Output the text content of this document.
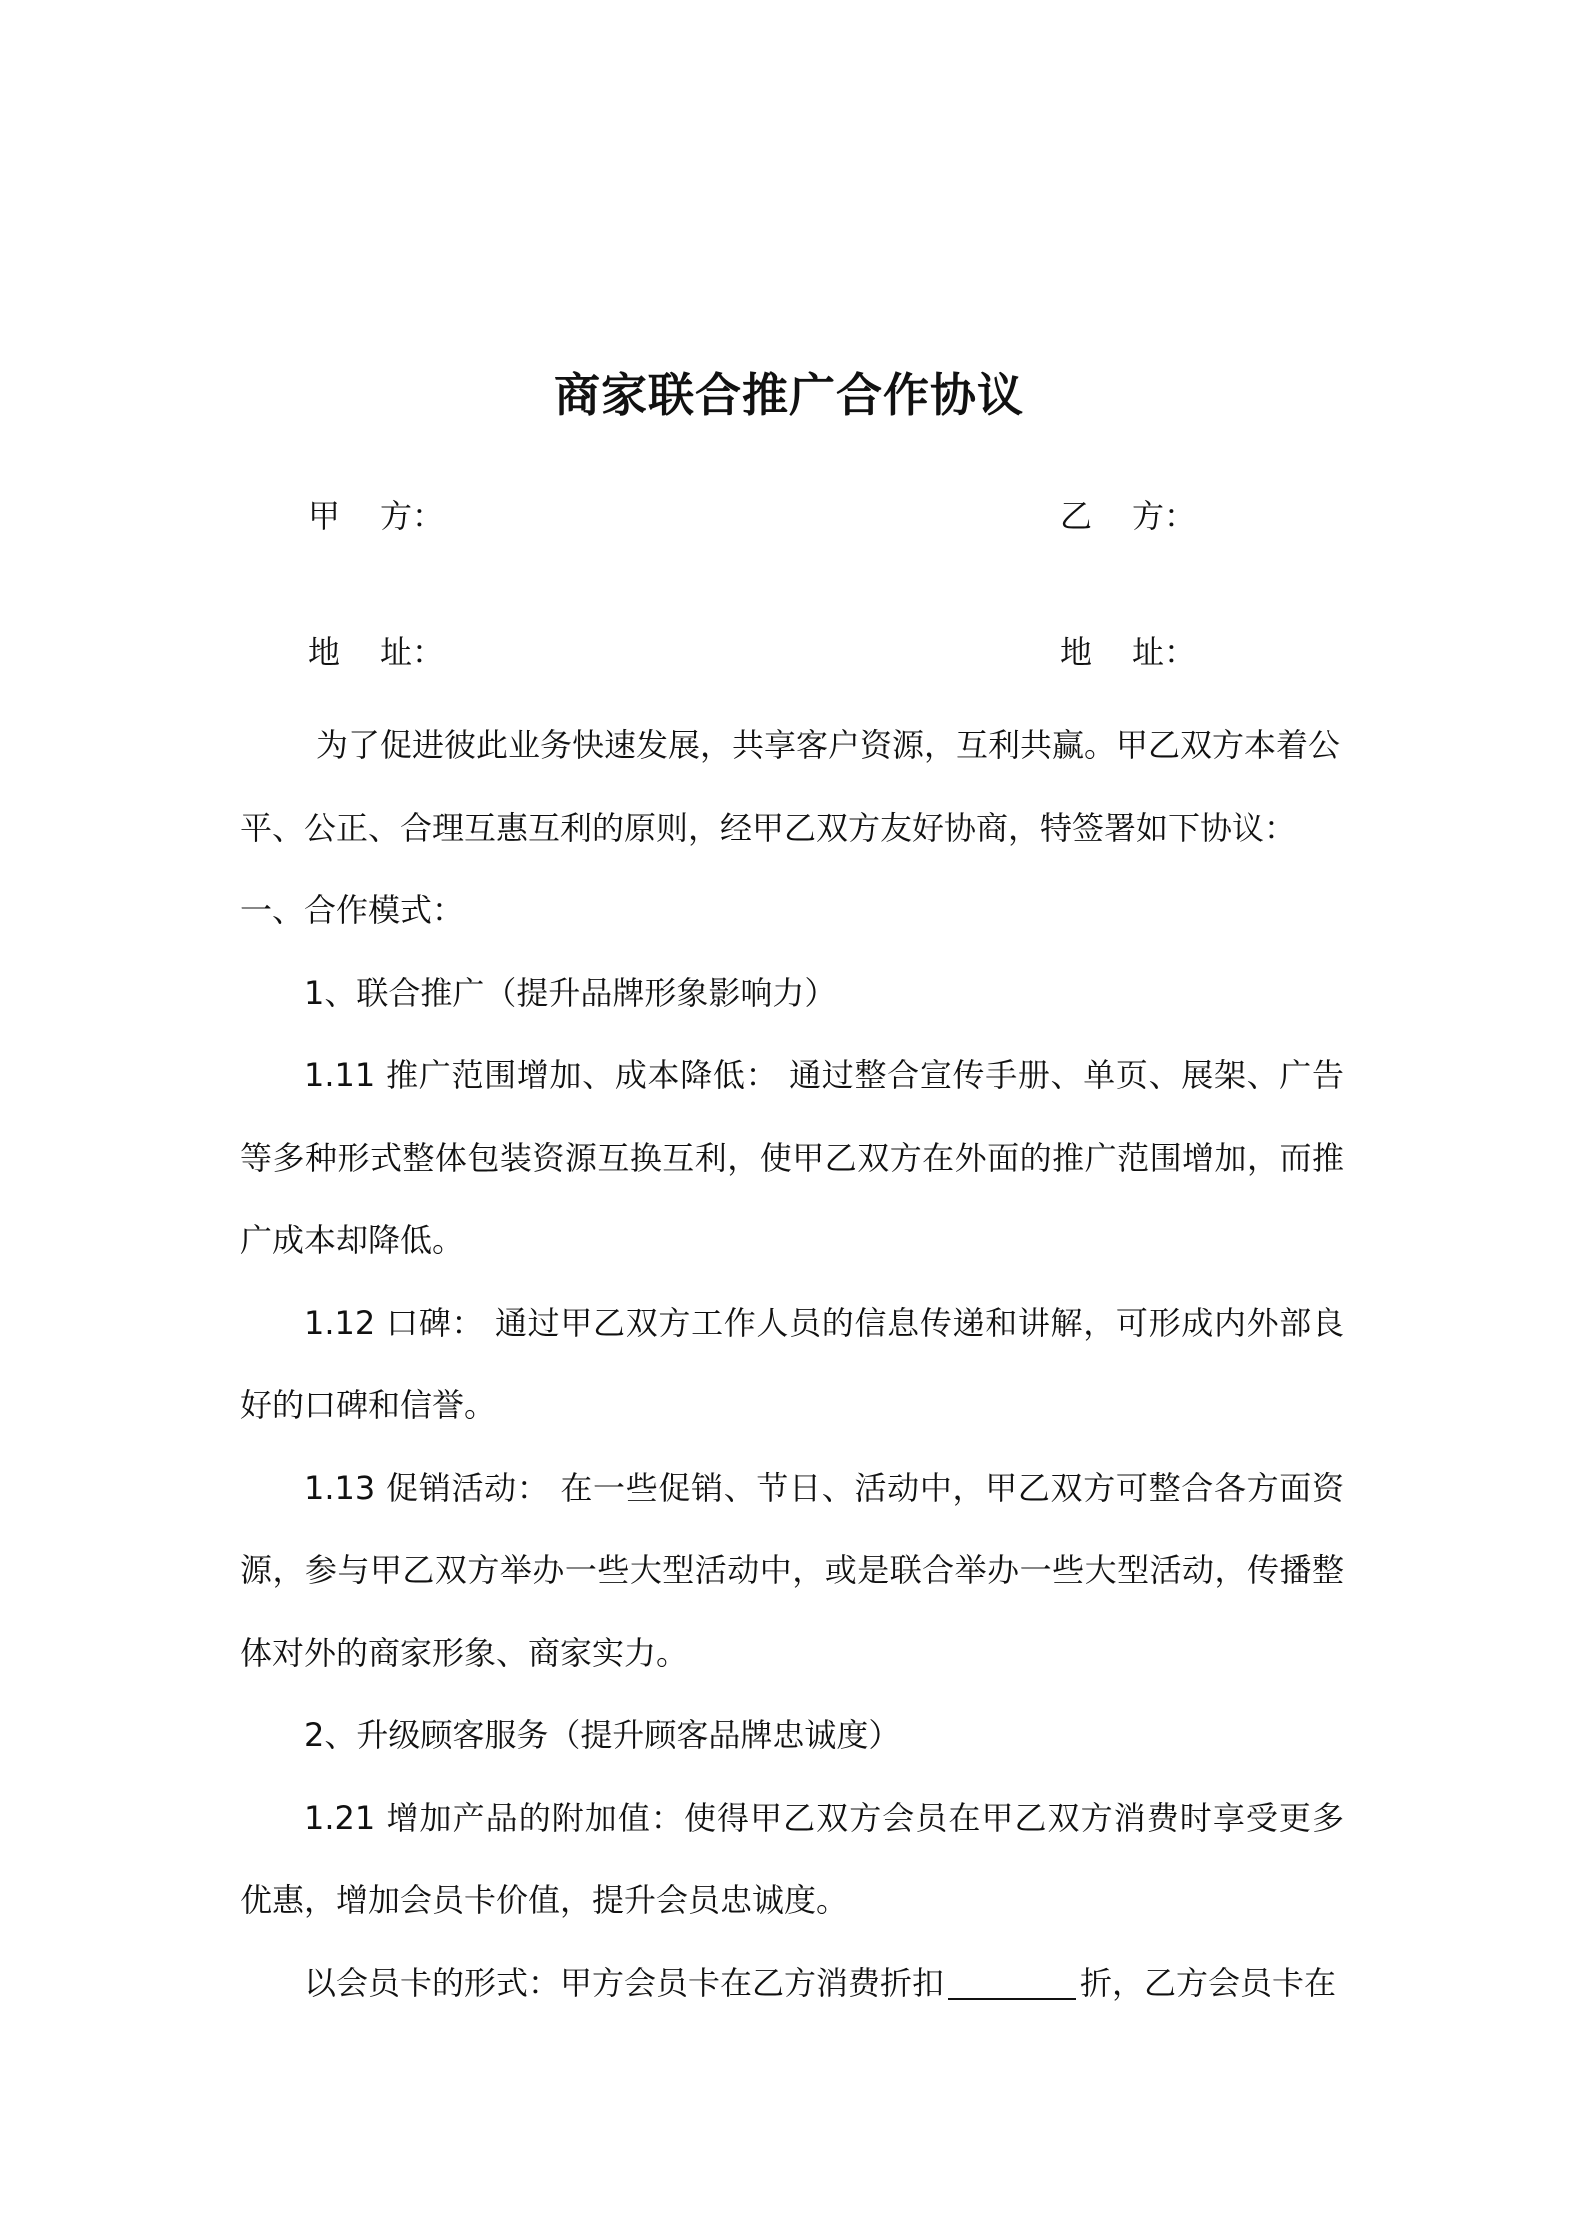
商家联合推广合作协议
甲方：	乙方：
地址：	地址：

为了促进彼此业务快速发展，共享客户资源，互利共赢。甲乙双方本着公

平、公正、合理互惠互利的原则，经甲乙双方友好协商，特签署如下协议：

一、合作模式：

1、联合推广（提升品牌形象影响力）

1.11 推广范围增加、成本降低： 通过整合宣传手册、单页、展架、广告等多种形式整体包装资源互换互利，使甲乙双方在外面的推广范围增加，而推广成本却降低。

1.12 口碑： 通过甲乙双方工作人员的信息传递和讲解，可形成内外部良好的口碑和信誉。

1.13 促销活动： 在一些促销、节日、活动中，甲乙双方可整合各方面资源，参与甲乙双方举办一些大型活动中，或是联合举办一些大型活动，传播整体对外的商家形象、商家实力。

2、升级顾客服务（提升顾客品牌忠诚度）

1.21 增加产品的附加值：使得甲乙双方会员在甲乙双方消费时享受更多优惠，增加会员卡价值，提升会员忠诚度。

以会员卡的形式：甲方会员卡在乙方消费折扣	折，乙方会员卡在
